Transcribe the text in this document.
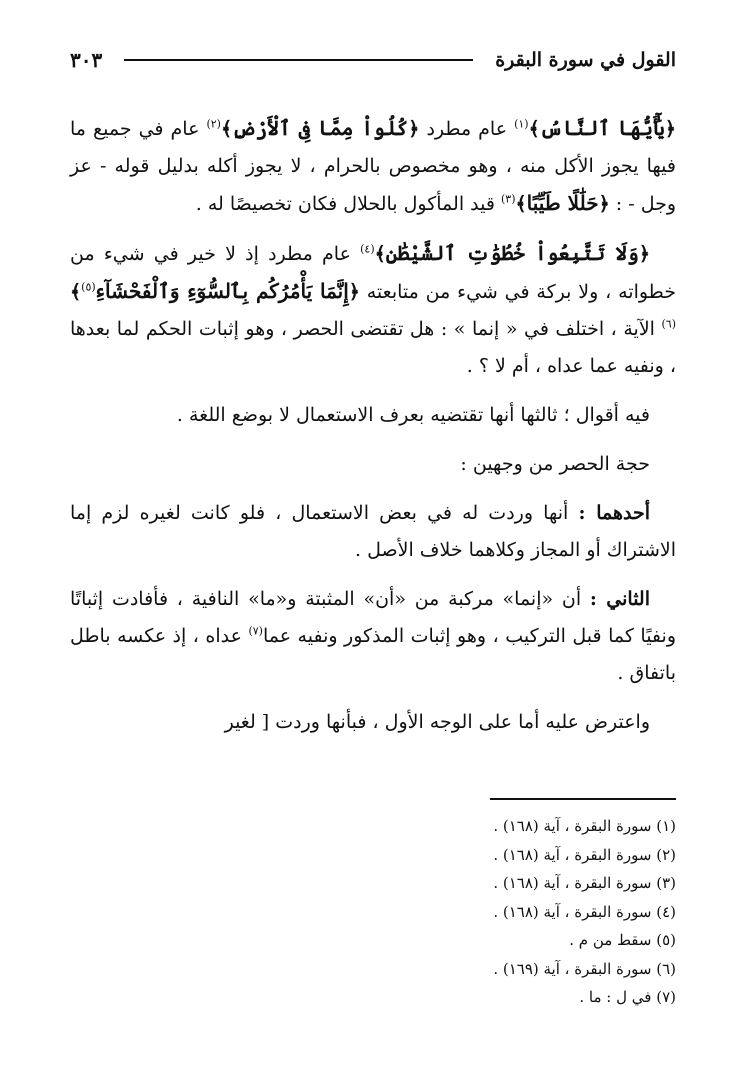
القول في سورة البقرة
٣٠٣

﴿يَٰٓأَيُّهَا ٱلنَّاسُ﴾$^{(١)}$ عام مطرد ﴿كُلُواْ مِمَّا فِى ٱلْأَرْضِ﴾$^{(٢)}$ عام في جميع ما فيها يجوز الأكل منه ، وهو مخصوص بالحرام ، لا يجوز أكله بدليل قوله - عز وجل - : ﴿حَلَٰلًا طَيِّبًا﴾$^{(٣)}$ قيد المأكول بالحلال فكان تخصيصًا له .

﴿وَلَا تَتَّبِعُواْ خُطُوَٰتِ ٱلشَّيْطَٰنِ﴾$^{(٤)}$ عام مطرد إذ لا خير في شيء من خطواته ، ولا بركة في شيء من متابعته ﴿إِنَّمَا يَأْمُرُكُم بِٱلسُّوٓءِ وَٱلْفَحْشَآءِ$^{(٥)}$﴾$^{(٦)}$ الآية ، اختلف في « إنما » : هل تقتضى الحصر ، وهو إثبات الحكم لما بعدها ، ونفيه عما عداه ، أم لا ؟ .

فيه أقوال ؛ ثالثها أنها تقتضيه بعرف الاستعمال لا بوضع اللغة .

حجة الحصر من وجهين :

أحدهما : أنها وردت له في بعض الاستعمال ، فلو كانت لغيره لزم إما الاشتراك أو المجاز وكلاهما خلاف الأصل .

الثاني : أن «إنما» مركبة من «أن» المثبتة و«ما» النافية ، فأفادت إثباتًا ونفيًا كما قبل التركيب ، وهو إثبات المذكور ونفيه عما$^{(٧)}$ عداه ، إذ عكسه باطل باتفاق .

واعترض عليه أما على الوجه الأول ، فبأنها وردت [ لغير

(١) سورة البقرة ، آية (١٦٨) .
(٢) سورة البقرة ، آية (١٦٨) .
(٣) سورة البقرة ، آية (١٦٨) .
(٤) سورة البقرة ، آية (١٦٨) .
(٥) سقط من م .
(٦) سورة البقرة ، آية (١٦٩) .
(٧) في ل : ما .
